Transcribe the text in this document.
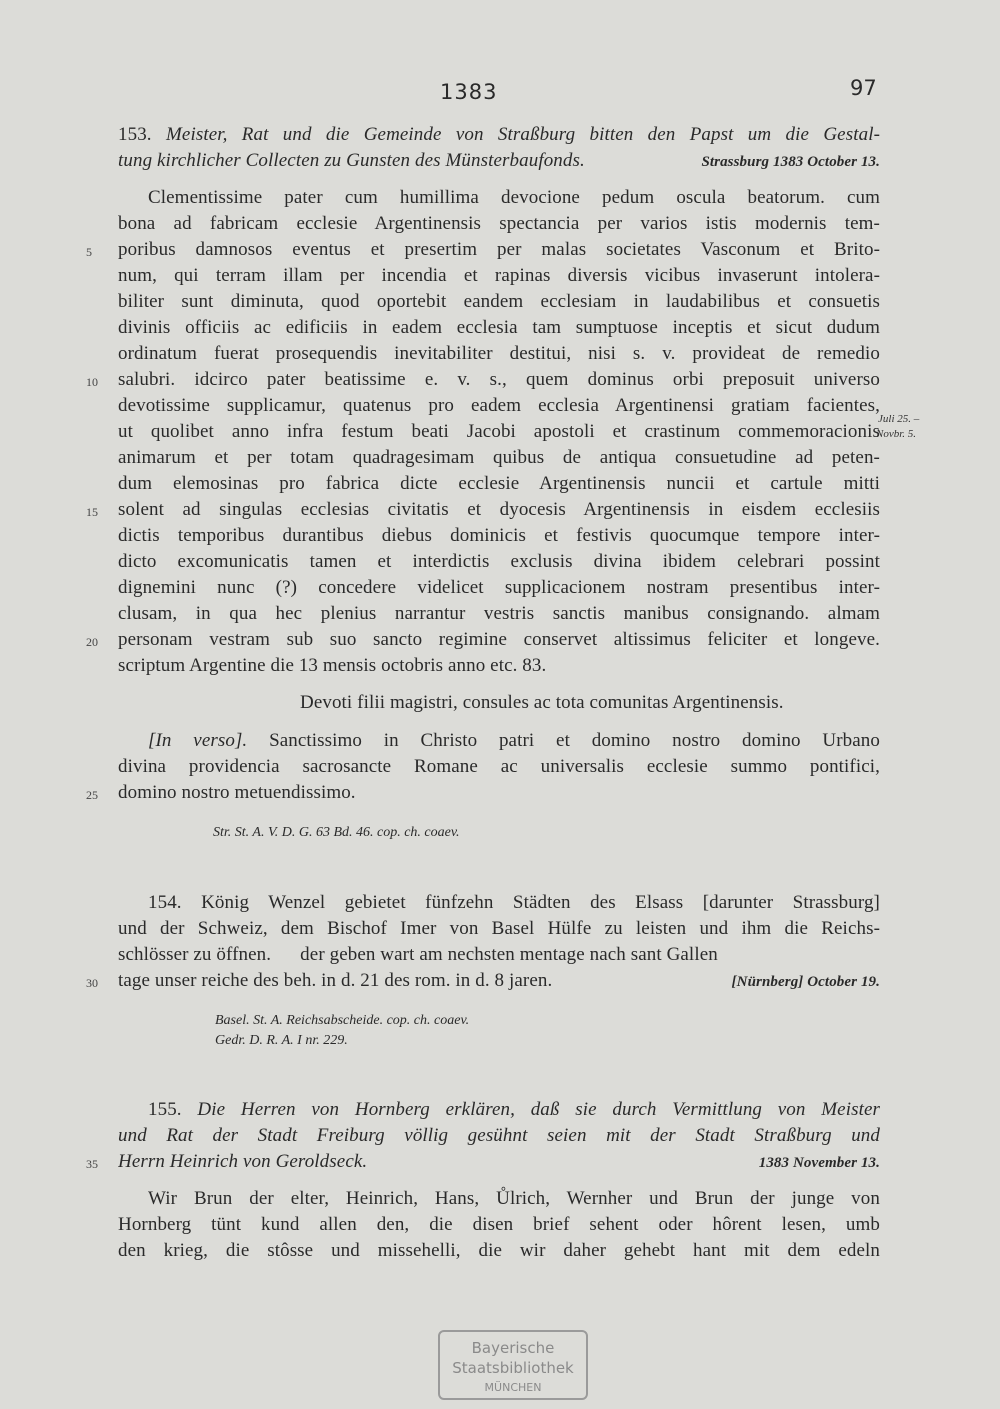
1383	97
153. Meister, Rat und die Gemeinde von Straßburg bitten den Papst um die Gestal-
tung kirchlicher Collecten zu Gunsten des Münsterbaufonds.	Strassburg 1383 October 13.
Clementissime pater cum humillima devocione pedum oscula beatorum. cum
bona ad fabricam ecclesie Argentinensis spectancia per varios istis modernis tem-
poribus damnosos eventus et presertim per malas societates Vasconum et Brito-
num, qui terram illam per incendia et rapinas diversis vicibus invaserunt intolera-
biliter sunt diminuta, quod oportebit eandem ecclesiam in laudabilibus et consuetis
divinis officiis ac edificiis in eadem ecclesia tam sumptuose inceptis et sicut dudum
ordinatum fuerat prosequendis inevitabiliter destitui, nisi s. v. provideat de remedio
salubri. idcirco pater beatissime e. v. s., quem dominus orbi preposuit universo
devotissime supplicamur, quatenus pro eadem ecclesia Argentinensi gratiam facientes,
ut quolibet anno infra festum beati Jacobi apostoli et crastinum commemoracionis
animarum et per totam quadragesimam quibus de antiqua consuetudine ad peten-
dum elemosinas pro fabrica dicte ecclesie Argentinensis nuncii et cartule mitti
solent ad singulas ecclesias civitatis et dyocesis Argentinensis in eisdem ecclesiis
dictis temporibus durantibus diebus dominicis et festivis quocumque tempore inter-
dicto excomunicatis tamen et interdictis exclusis divina ibidem celebrari possint
dignemini nunc (?) concedere videlicet supplicacionem nostram presentibus inter-
clusam, in qua hec plenius narrantur vestris sanctis manibus consignando. almam
personam vestram sub suo sancto regimine conservet altissimus feliciter et longeve.
scriptum Argentine die 13 mensis octobris anno etc. 83.
Devoti filii magistri, consules ac tota comunitas Argentinensis.
[In verso]. Sanctissimo in Christo patri et domino nostro domino Urbano
divina providencia sacrosancte Romane ac universalis ecclesie summo pontifici,
domino nostro metuendissimo.
Juli 25. –
Novbr. 5.
Str. St. A. V. D. G. 63 Bd. 46. cop. ch. coaev.
154. König Wenzel gebietet fünfzehn Städten des Elsass [darunter Strassburg]
und der Schweiz, dem Bischof Imer von Basel Hülfe zu leisten und ihm die Reichs-
schlösser zu öffnen.      der geben wart am nechsten mentage nach sant Gallen
tage unser reiche des beh. in d. 21 des rom. in d. 8 jaren.	[Nürnberg] October 19.
Basel. St. A. Reichsabscheide. cop. ch. coaev.
Gedr. D. R. A. I nr. 229.
155. Die Herren von Hornberg erklären, daß sie durch Vermittlung von Meister
und Rat der Stadt Freiburg völlig gesühnt seien mit der Stadt Straßburg und
Herrn Heinrich von Geroldseck.	1383 November 13.
Wir Brun der elter, Heinrich, Hans, Ůlrich, Wernher und Brun der junge von
Hornberg tünt kund allen den, die disen brief sehent oder hôrent lesen, umb
den krieg, die stôsse und missehelli, die wir daher gehebt hant mit dem edeln
5
10
15
20
25
30
35
Bayerische
Staatsbibliothek
MÜNCHEN
